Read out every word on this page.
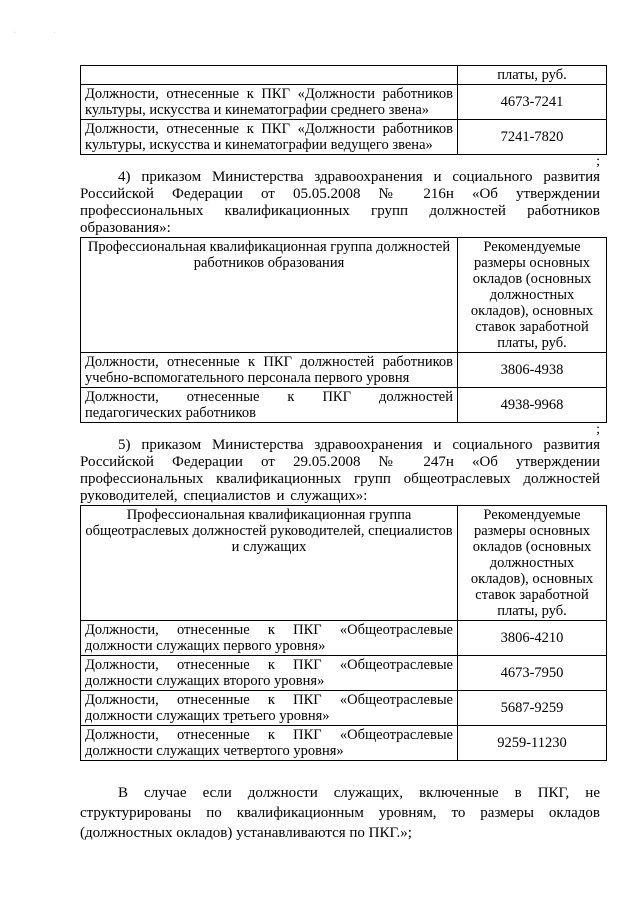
· ·
	платы, руб.
Должности, отнесенные к ПКГ «Должности работников культуры, искусства и кинематографии среднего звена»	4673-7241
Должности, отнесенные к ПКГ «Должности работников культуры, искусства и кинематографии ведущего звена»	7241-7820
;

4) приказом Министерства здравоохранения и социального развития Российской Федерации от 05.05.2008 № 216н «Об утверждении профессиональных квалификационных групп должностей работников образования»:

Профессиональная квалификационная группа должностей работников образования	Рекомендуемые размеры основных окладов (основных должностных окладов), основных ставок заработной платы, руб.
Должности, отнесенные к ПКГ должностей работников учебно-вспомогательного персонала первого уровня	3806-4938
Должности, отнесенные к ПКГ должностей педагогических работников	4938-9968
;

5) приказом Министерства здравоохранения и социального развития Российской Федерации от 29.05.2008 № 247н «Об утверждении профессиональных квалификационных групп общеотраслевых должностей руководителей, специалистов и служащих»:

Профессиональная квалификационная группа общеотраслевых должностей руководителей, специалистов и служащих	Рекомендуемые размеры основных окладов (основных должностных окладов), основных ставок заработной платы, руб.
Должности, отнесенные к ПКГ «Общеотраслевые должности служащих первого уровня»	3806-4210
Должности, отнесенные к ПКГ «Общеотраслевые должности служащих второго уровня»	4673-7950
Должности, отнесенные к ПКГ «Общеотраслевые должности служащих третьего уровня»	5687-9259
Должности, отнесенные к ПКГ «Общеотраслевые должности служащих четвертого уровня»	9259-11230

В случае если должности служащих, включенные в ПКГ, не структурированы по квалификационным уровням, то размеры окладов (должностных окладов) устанавливаются по ПКГ.»;
